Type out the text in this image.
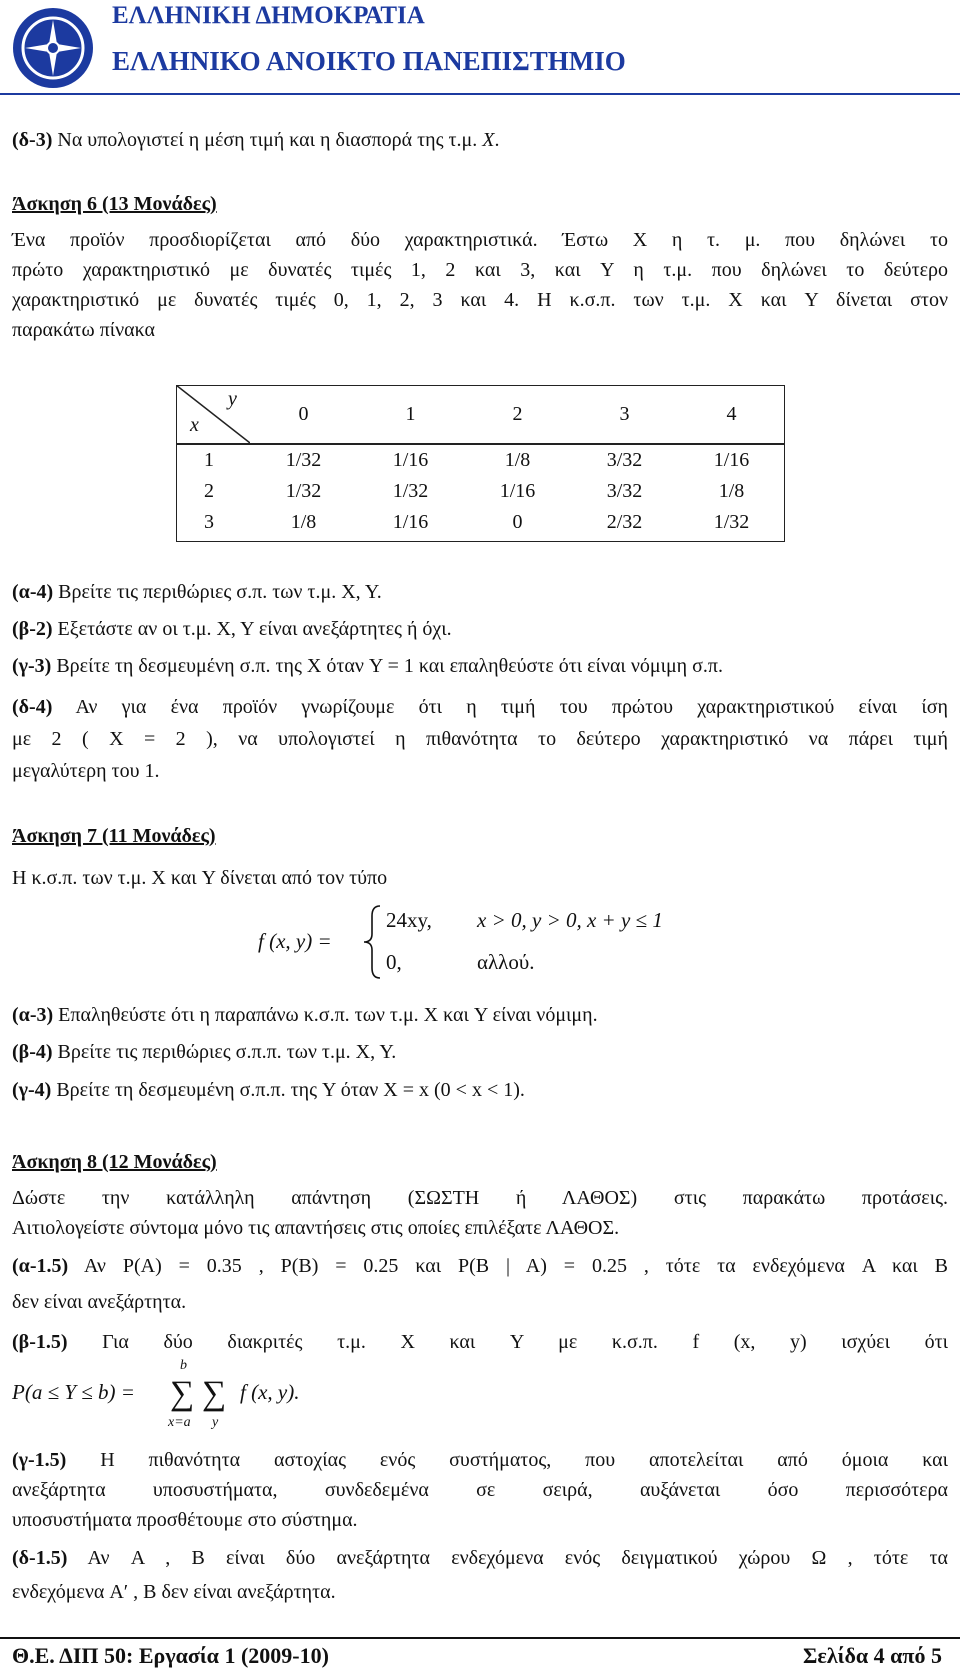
ΕΛΛΗΝΙΚΗ ΔΗΜΟΚΡΑΤΙΑ
ΕΛΛΗΝΙΚΟ ΑΝΟΙΚΤΟ ΠΑΝΕΠΙΣΤΗΜΙΟ
(δ-3) Να υπολογιστεί η μέση τιμή και η διασπορά της τ.μ. X.
Άσκηση 6 (13 Μονάδες)
Ένα προϊόν προσδιορίζεται από δύο χαρακτηριστικά. Έστω X η τ. μ. που δηλώνει το
πρώτο χαρακτηριστικό με δυνατές τιμές 1, 2 και 3, και Y η τ.μ. που δηλώνει το δεύτερο
χαρακτηριστικό με δυνατές τιμές 0, 1, 2, 3 και 4. Η κ.σ.π. των τ.μ. X και Y δίνεται στον
παρακάτω πίνακα
y
x	0	1	2	3	4
1	1/32	1/16	1/8	3/32	1/16
2	1/32	1/32	1/16	3/32	1/8
3	1/8	1/16	0	2/32	1/32
(α-4) Βρείτε τις περιθώριες σ.π. των τ.μ. X, Y.
(β-2) Εξετάστε αν οι τ.μ. X, Y είναι ανεξάρτητες ή όχι.
(γ-3) Βρείτε τη δεσμευμένη σ.π. της X όταν Y = 1 και επαληθεύστε ότι είναι νόμιμη σ.π.
(δ-4) Αν για ένα προϊόν γνωρίζουμε ότι η τιμή του πρώτου χαρακτηριστικού είναι ίση
με 2 ( X = 2 ), να υπολογιστεί η πιθανότητα το δεύτερο χαρακτηριστικό να πάρει τιμή
μεγαλύτερη του 1.
Άσκηση 7 (11 Μονάδες)
Η κ.σ.π. των τ.μ. X και Y δίνεται από τον τύπο
f (x, y) =
24xy, x > 0, y > 0, x + y ≤ 1
0,	αλλού.
(α-3) Επαληθεύστε ότι η παραπάνω κ.σ.π. των τ.μ. X και Y είναι νόμιμη.
(β-4) Βρείτε τις περιθώριες σ.π.π. των τ.μ. X, Y.
(γ-4) Βρείτε τη δεσμευμένη σ.π.π. της Y όταν X = x (0 < x < 1).
Άσκηση 8 (12 Μονάδες)
Δώστε την κατάλληλη απάντηση (ΣΩΣΤΗ ή ΛΑΘΟΣ) στις παρακάτω προτάσεις.
Αιτιολογείστε σύντομα μόνο τις απαντήσεις στις οποίες επιλέξατε ΛΑΘΟΣ.
(α-1.5) Αν P(A) = 0.35 , P(B) = 0.25 και P(B | A) = 0.25 , τότε τα ενδεχόμενα A και B
δεν είναι ανεξάρτητα.
(β-1.5) Για δύο διακριτές τ.μ. X και Y με κ.σ.π. f (x, y) ισχύει ότι
P(a ≤ Y ≤ b) = ∑ ∑
b
x=a y
f (x, y).
(γ-1.5) Η πιθανότητα αστοχίας ενός συστήματος, που αποτελείται από όμοια και
ανεξάρτητα υποσυστήματα, συνδεδεμένα σε σειρά, αυξάνεται όσο περισσότερα
υποσυστήματα προσθέτουμε στο σύστημα.
(δ-1.5) Αν A , B είναι δύο ανεξάρτητα ενδεχόμενα ενός δειγματικού χώρου Ω , τότε τα
ενδεχόμενα A′ , B δεν είναι ανεξάρτητα.
Θ.Ε. ΔΙΠ 50: Εργασία 1 (2009-10)	Σελίδα 4 από 5
